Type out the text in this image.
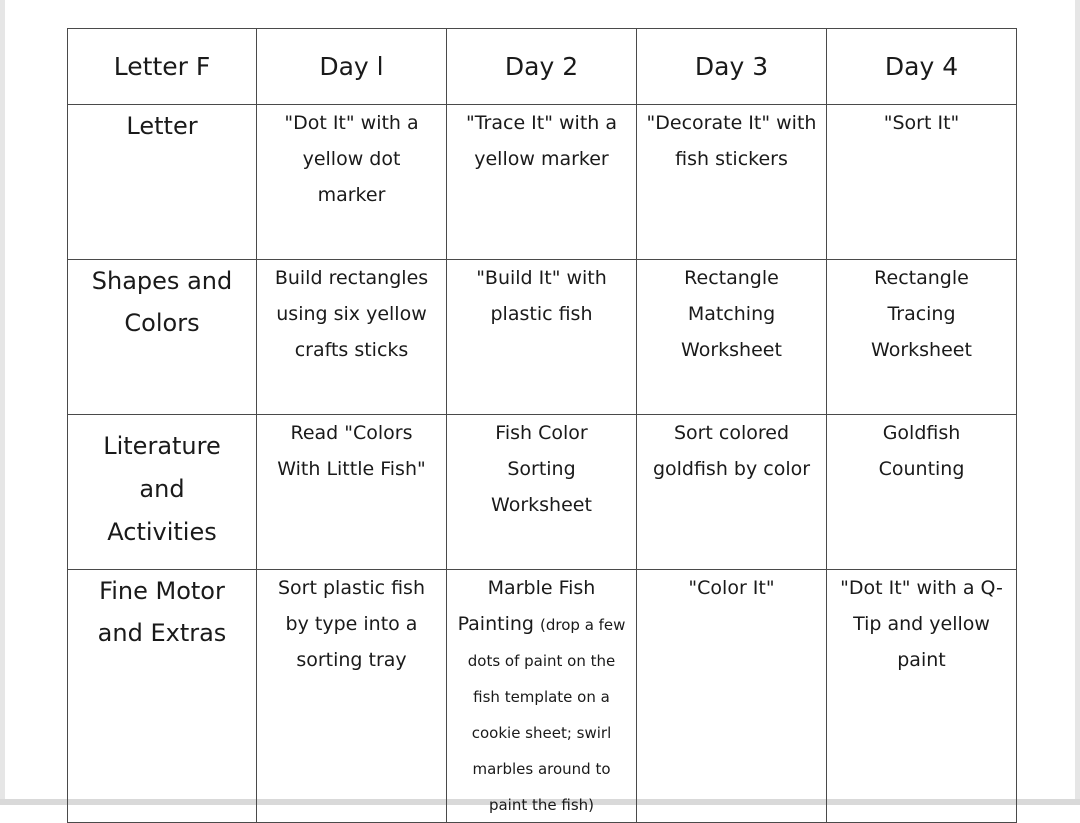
Letter F	Day l	Day 2	Day 3	Day 4
Letter	"Dot It" with a yellow dot marker	"Trace It" with a yellow marker	"Decorate It" with fish stickers	"Sort It"
Shapes and Colors	Build rectangles using six yellow crafts sticks	"Build It" with plastic fish	Rectangle Matching Worksheet	Rectangle Tracing Worksheet
Literature and Activities	Read "Colors With Little Fish"	Fish Color Sorting Worksheet	Sort colored goldfish by color	Goldfish Counting
Fine Motor and Extras	Sort plastic fish by type into a sorting tray	Marble Fish Painting (drop a few dots of paint on the fish template on a cookie sheet; swirl marbles around to paint the fish)	"Color It"	"Dot It" with a Q-Tip and yellow paint
